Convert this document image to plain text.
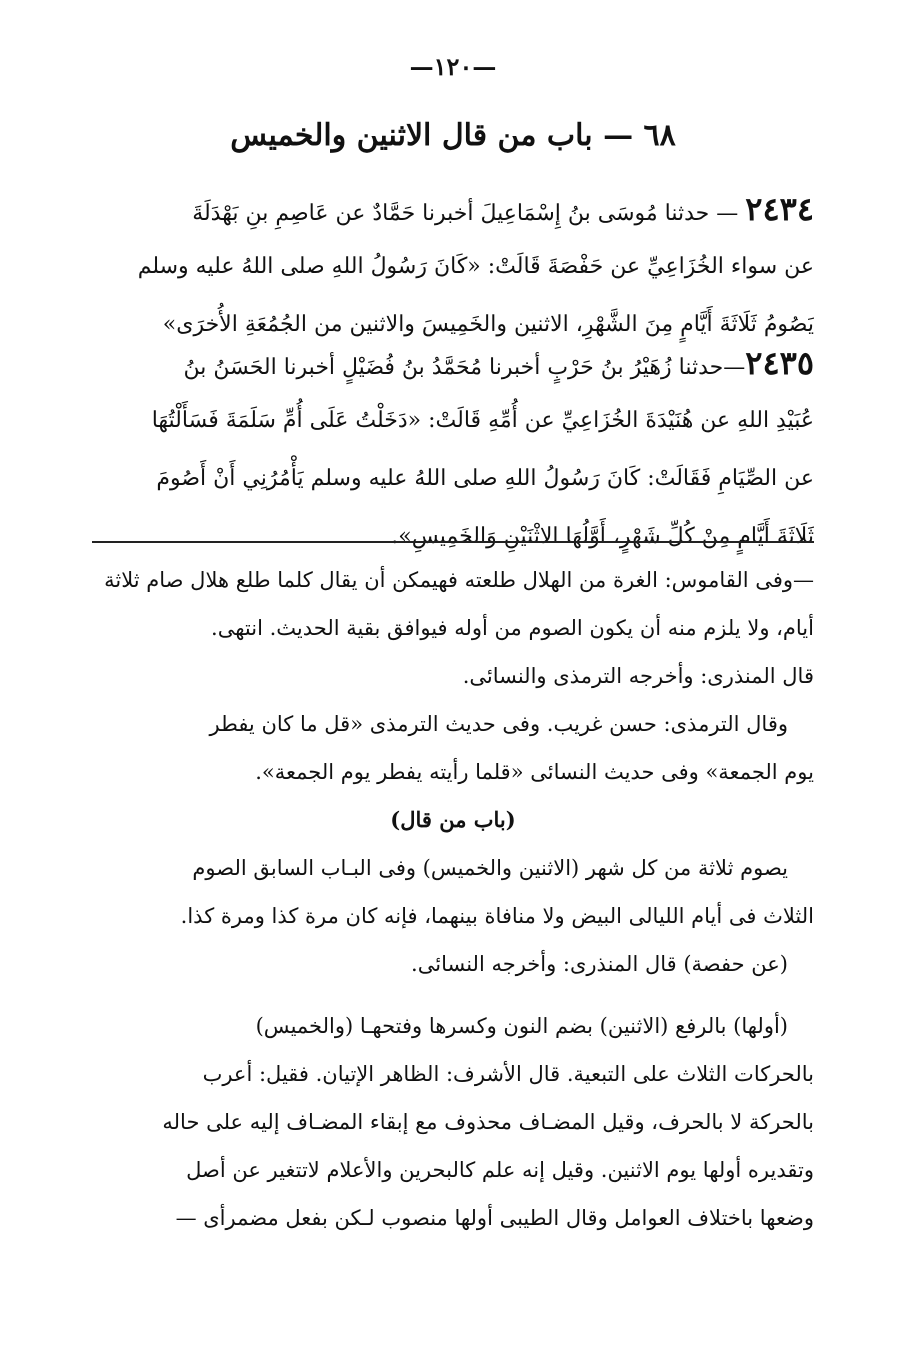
—١٢٠—
٦٨ — باب من قال الاثنين والخميس
٢٤٣٤ — حدثنا مُوسَى بنُ إِسْمَاعِيلَ أخبرنا حَمَّادٌ عن عَاصِمِ بنِ بَهْدَلَةَ
عن سواء الخُزَاعِيِّ عن حَفْصَةَ قَالَتْ: «كَانَ رَسُولُ اللهِ صلى اللهُ عليه وسلم
يَصُومُ ثَلَاثَةَ أَيَّامٍ مِنَ الشَّهْرِ، الاثنين والخَمِيسَ والاثنين من الجُمُعَةِ الأُخرَى»
٢٤٣٥—حدثنا زُهَيْرُ بنُ حَرْبٍ أخبرنا مُحَمَّدُ بنُ فُضَيْلٍ أخبرنا الحَسَنُ بنُ
عُبَيْدِ اللهِ عن هُنَيْدَةَ الخُزَاعِيِّ عن أُمِّهِ قَالَتْ: «دَخَلْتُ عَلَى أُمِّ سَلَمَةَ فَسَأَلْتُهَا
عن الصِّيَامِ فَقَالَتْ: كَانَ رَسُولُ اللهِ صلى اللهُ عليه وسلم يَأْمُرُنِي أَنْ أَصُومَ
ثَلَاثَةَ أَيَّامٍ مِنْ كُلِّ شَهْرٍ، أَوَّلُهَا الاثْنَيْنِ وَالخَمِيسِ».
—وفى القاموس: الغرة من الهلال طلعته فهيمكن أن يقال كلما طلع هلال صام ثلاثة
أيام، ولا يلزم منه أن يكون الصوم من أوله فيوافق بقية الحديث. انتهى.
قال المنذرى: وأخرجه الترمذى والنسائى.
وقال الترمذى: حسن غريب. وفى حديث الترمذى «قل ما كان يفطر
يوم الجمعة» وفى حديث النسائى «قلما رأيته يفطر يوم الجمعة».
(باب من قال)
يصوم ثلاثة من كل شهر (الاثنين والخميس) وفى البـاب السابق الصوم
الثلاث فى أيام الليالى البيض ولا منافاة بينهما، فإنه كان مرة كذا ومرة كذا.
(عن حفصة) قال المنذرى: وأخرجه النسائى.
(أولها) بالرفع (الاثنين) بضم النون وكسرها وفتحهـا (والخميس)
بالحركات الثلاث على التبعية. قال الأشرف: الظاهر الإتيان. فقيل: أعرب
بالحركة لا بالحرف، وقيل المضـاف محذوف مع إبقاء المضـاف إليه على حاله
وتقديره أولها يوم الاثنين. وقيل إنه علم كالبحرين والأعلام لاتتغير عن أصل
وضعها باختلاف العوامل وقال الطيبى أولها منصوب لـكن بفعل مضمرأى —
